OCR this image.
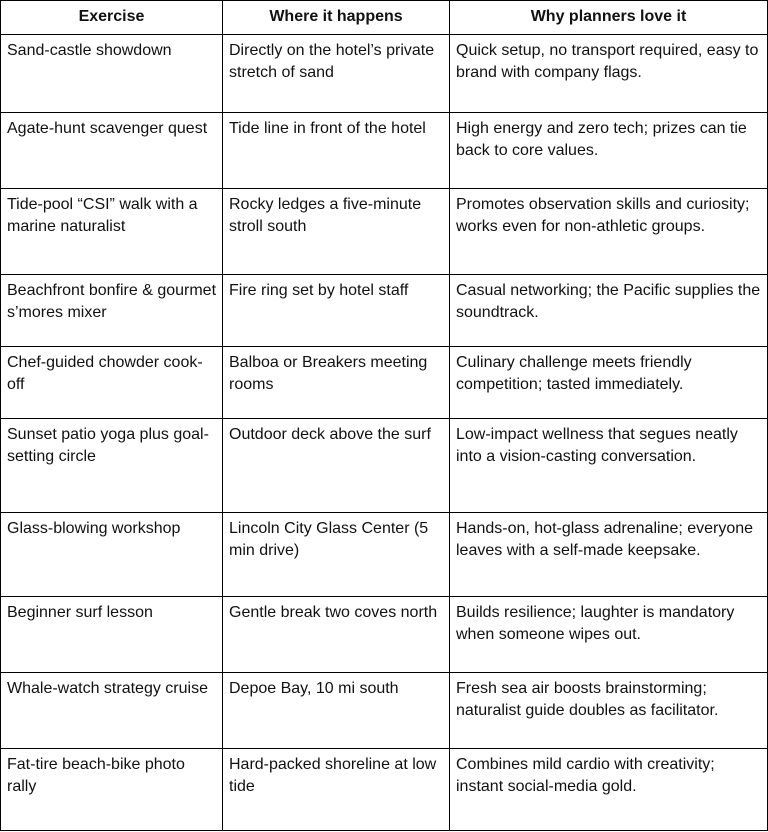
Exercise	Where it happens	Why planners love it
Sand-castle showdown	Directly on the hotel’s private stretch of sand	Quick setup, no transport required, easy to brand with company flags.
Agate-hunt scavenger quest	Tide line in front of the hotel	High energy and zero tech; prizes can tie back to core values.
Tide-pool “CSI” walk with a marine naturalist	Rocky ledges a five-minute stroll south	Promotes observation skills and curiosity; works even for non-athletic groups.
Beachfront bonfire & gourmet s’mores mixer	Fire ring set by hotel staff	Casual networking; the Pacific supplies the soundtrack.
Chef-guided chowder cook-off	Balboa or Breakers meeting rooms	Culinary challenge meets friendly competition; tasted immediately.
Sunset patio yoga plus goal-setting circle	Outdoor deck above the surf	Low-impact wellness that segues neatly into a vision-casting conversation.
Glass-blowing workshop	Lincoln City Glass Center (5 min drive)	Hands-on, hot-glass adrenaline; everyone leaves with a self-made keepsake.
Beginner surf lesson	Gentle break two coves north	Builds resilience; laughter is mandatory when someone wipes out.
Whale-watch strategy cruise	Depoe Bay, 10 mi south	Fresh sea air boosts brainstorming; naturalist guide doubles as facilitator.
Fat-tire beach-bike photo rally	Hard-packed shoreline at low tide	Combines mild cardio with creativity; instant social-media gold.
